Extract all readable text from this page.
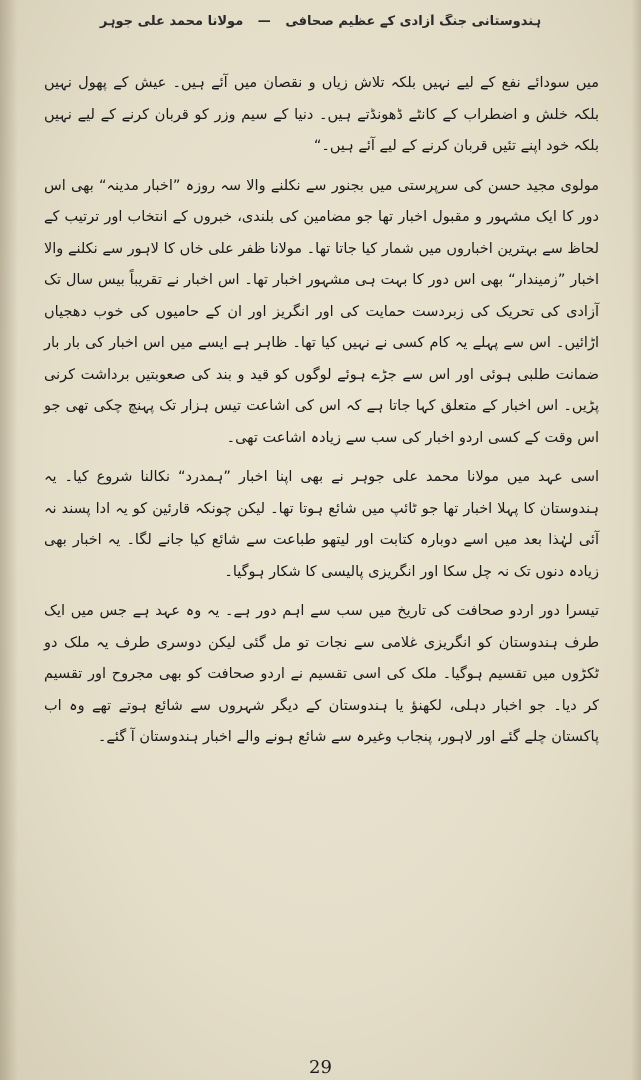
ہندوستانی جنگ آزادی کے عظیم صحافی — مولانا محمد علی جوہر

میں سودائے نفع کے لیے نہیں بلکہ تلاش زیاں و نقصان میں آئے ہیں۔ عیش کے پھول نہیں بلکہ خلش و اضطراب کے کانٹے ڈھونڈتے ہیں۔ دنیا کے سیم وزر کو قربان کرنے کے لیے نہیں بلکہ خود اپنے تئیں قربان کرنے کے لیے آئے ہیں۔“

مولوی مجید حسن کی سرپرستی میں بجنور سے نکلنے والا سہ روزہ ”اخبار مدینہ“ بھی اس دور کا ایک مشہور و مقبول اخبار تھا جو مضامین کی بلندی، خبروں کے انتخاب اور ترتیب کے لحاظ سے بہترین اخباروں میں شمار کیا جاتا تھا۔ مولانا ظفر علی خاں کا لاہور سے نکلنے والا اخبار ”زمیندار“ بھی اس دور کا بہت ہی مشہور اخبار تھا۔ اس اخبار نے تقریباً بیس سال تک آزادی کی تحریک کی زبردست حمایت کی اور انگریز اور ان کے حامیوں کی خوب دھجیاں اڑائیں۔ اس سے پہلے یہ کام کسی نے نہیں کیا تھا۔ ظاہر ہے ایسے میں اس اخبار کی بار بار ضمانت طلبی ہوئی اور اس سے جڑے ہوئے لوگوں کو قید و بند کی صعوبتیں برداشت کرنی پڑیں۔ اس اخبار کے متعلق کہا جاتا ہے کہ اس کی اشاعت تیس ہزار تک پہنچ چکی تھی جو اس وقت کے کسی اردو اخبار کی سب سے زیادہ اشاعت تھی۔

اسی عہد میں مولانا محمد علی جوہر نے بھی اپنا اخبار ”ہمدرد“ نکالنا شروع کیا۔ یہ ہندوستان کا پہلا اخبار تھا جو ٹائپ میں شائع ہوتا تھا۔ لیکن چونکہ قارئین کو یہ ادا پسند نہ آئی لہٰذا بعد میں اسے دوبارہ کتابت اور لیتھو طباعت سے شائع کیا جانے لگا۔ یہ اخبار بھی زیادہ دنوں تک نہ چل سکا اور انگریزی پالیسی کا شکار ہوگیا۔

تیسرا دور اردو صحافت کی تاریخ میں سب سے اہم دور ہے۔ یہ وہ عہد ہے جس میں ایک طرف ہندوستان کو انگریزی غلامی سے نجات تو مل گئی لیکن دوسری طرف یہ ملک دو ٹکڑوں میں تقسیم ہوگیا۔ ملک کی اسی تقسیم نے اردو صحافت کو بھی مجروح اور تقسیم کر دیا۔ جو اخبار دہلی، لکھنؤ یا ہندوستان کے دیگر شہروں سے شائع ہوتے تھے وہ اب پاکستان چلے گئے اور لاہور، پنجاب وغیرہ سے شائع ہونے والے اخبار ہندوستان آ گئے۔

29
